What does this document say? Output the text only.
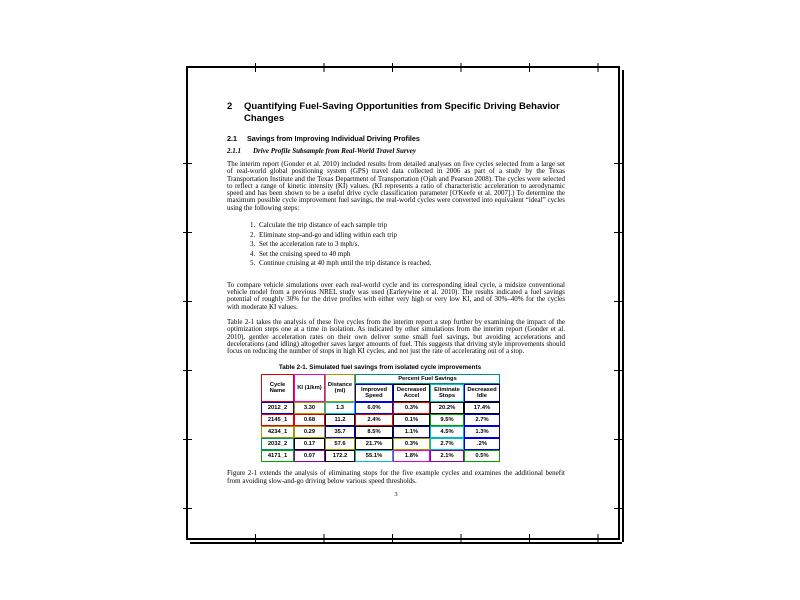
2	Quantifying Fuel-Saving Opportunities from Specific Driving Behavior Changes
2.1	Savings from Improving Individual Driving Profiles
2.1.1	Drive Profile Subsample from Real-World Travel Survey

The interim report (Gonder et al. 2010) included results from detailed analyses on five cycles selected from a large set of real-world global positioning system (GPS) travel data collected in 2006 as part of a study by the Texas Transportation Institute and the Texas Department of Transportation (Ojah and Pearson 2008). The cycles were selected to reflect a range of kinetic intensity (KI) values. (KI represents a ratio of characteristic acceleration to aerodynamic speed and has been shown to be a useful drive cycle classification parameter [O'Keefe et al. 2007].) To determine the maximum possible cycle improvement fuel savings, the real-world cycles were converted into equivalent “ideal” cycles using the following steps:

1. Calculate the trip distance of each sample trip
2. Eliminate stop-and-go and idling within each trip
3. Set the acceleration rate to 3 mph/s.
4. Set the cruising speed to 40 mph
5. Continue cruising at 40 mph until the trip distance is reached.

To compare vehicle simulations over each real-world cycle and its corresponding ideal cycle, a midsize conventional vehicle model from a previous NREL study was used (Earleywine et al. 2010). The results indicated a fuel savings potential of roughly 30% for the drive profiles with either very high or very low KI, and of 30%–40% for the cycles with moderate KI values.

Table 2-1 takes the analysis of these five cycles from the interim report a step further by examining the impact of the optimization steps one at a time in isolation. As indicated by other simulations from the interim report (Gonder et al. 2010), gentler acceleration rates on their own deliver some small fuel savings, but avoiding accelerations and decelerations (and idling) altogether saves larger amounts of fuel. This suggests that driving style improvements should focus on reducing the number of stops in high KI cycles, and not just the rate of accelerating out of a stop.

Table 2-1. Simulated fuel savings from isolated cycle improvements
Cycle Name	KI (1/km)	Distance (mi)	Percent Fuel Savings			
			Improved Speed	Decreased Accel	Eliminate Stops	Decreased Idle
2012_2	3.30	1.3	6.0%	0.3%	20.2%	17.4%
2145_1	0.68	11.2	2.4%	0.1%	9.5%	2.7%
4234_1	0.29	35.7	8.5%	1.1%	4.5%	1.3%
2032_2	0.17	57.6	21.7%	0.3%	2.7%	.2%
4171_1	0.07	172.2	55.1%	1.8%	2.1%	0.5%

Figure 2-1 extends the analysis of eliminating stops for the five example cycles and examines the additional benefit from avoiding slow-and-go driving below various speed thresholds.

3
